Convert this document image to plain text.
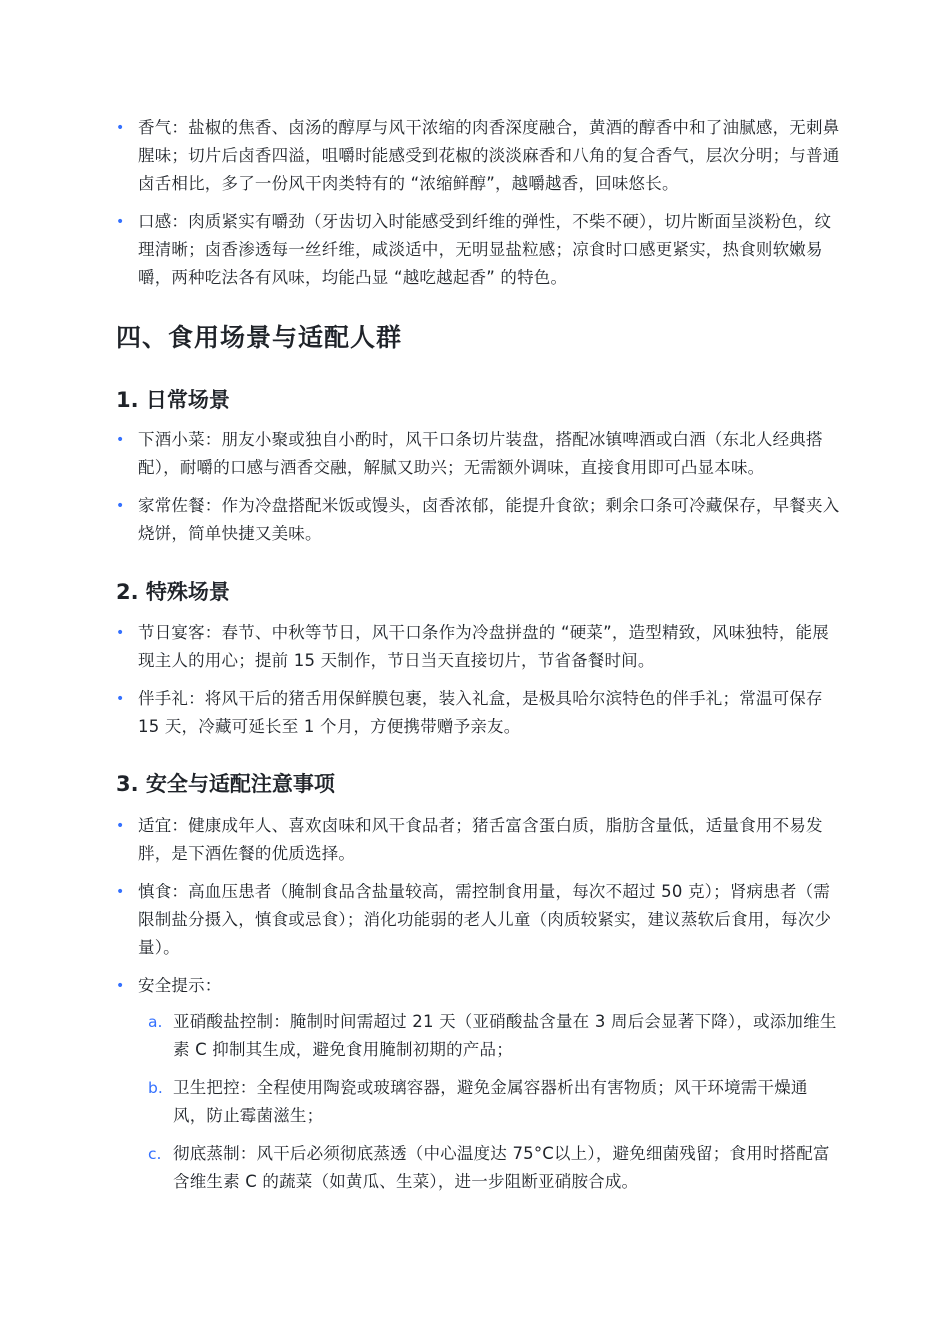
• 香气：盐椒的焦香、卤汤的醇厚与风干浓缩的肉香深度融合，黄酒的醇香中和了油腻感，无刺鼻腥味；切片后卤香四溢，咀嚼时能感受到花椒的淡淡麻香和八角的复合香气，层次分明；与普通卤舌相比，多了一份风干肉类特有的 “浓缩鲜醇”，越嚼越香，回味悠长。
• 口感：肉质紧实有嚼劲（牙齿切入时能感受到纤维的弹性，不柴不硬），切片断面呈淡粉色，纹理清晰；卤香渗透每一丝纤维，咸淡适中，无明显盐粒感；凉食时口感更紧实，热食则软嫩易嚼，两种吃法各有风味，均能凸显 “越吃越起香” 的特色。
四、食用场景与适配人群
1. 日常场景
• 下酒小菜：朋友小聚或独自小酌时，风干口条切片装盘，搭配冰镇啤酒或白酒（东北人经典搭配），耐嚼的口感与酒香交融，解腻又助兴；无需额外调味，直接食用即可凸显本味。
• 家常佐餐：作为冷盘搭配米饭或馒头，卤香浓郁，能提升食欲；剩余口条可冷藏保存，早餐夹入烧饼，简单快捷又美味。
2. 特殊场景
• 节日宴客：春节、中秋等节日，风干口条作为冷盘拼盘的 “硬菜”，造型精致，风味独特，能展现主人的用心；提前 15 天制作，节日当天直接切片，节省备餐时间。
• 伴手礼：将风干后的猪舌用保鲜膜包裹，装入礼盒，是极具哈尔滨特色的伴手礼；常温可保存 15 天，冷藏可延长至 1 个月，方便携带赠予亲友。
3. 安全与适配注意事项
• 适宜：健康成年人、喜欢卤味和风干食品者；猪舌富含蛋白质，脂肪含量低，适量食用不易发胖，是下酒佐餐的优质选择。
• 慎食：高血压患者（腌制食品含盐量较高，需控制食用量，每次不超过 50 克）；肾病患者（需限制盐分摄入，慎食或忌食）；消化功能弱的老人儿童（肉质较紧实，建议蒸软后食用，每次少量）。
• 安全提示：
a. 亚硝酸盐控制：腌制时间需超过 21 天（亚硝酸盐含量在 3 周后会显著下降），或添加维生素 C 抑制其生成，避免食用腌制初期的产品；
b. 卫生把控：全程使用陶瓷或玻璃容器，避免金属容器析出有害物质；风干环境需干燥通风，防止霉菌滋生；
c. 彻底蒸制：风干后必须彻底蒸透（中心温度达 75°C以上），避免细菌残留；食用时搭配富含维生素 C 的蔬菜（如黄瓜、生菜），进一步阻断亚硝胺合成。
